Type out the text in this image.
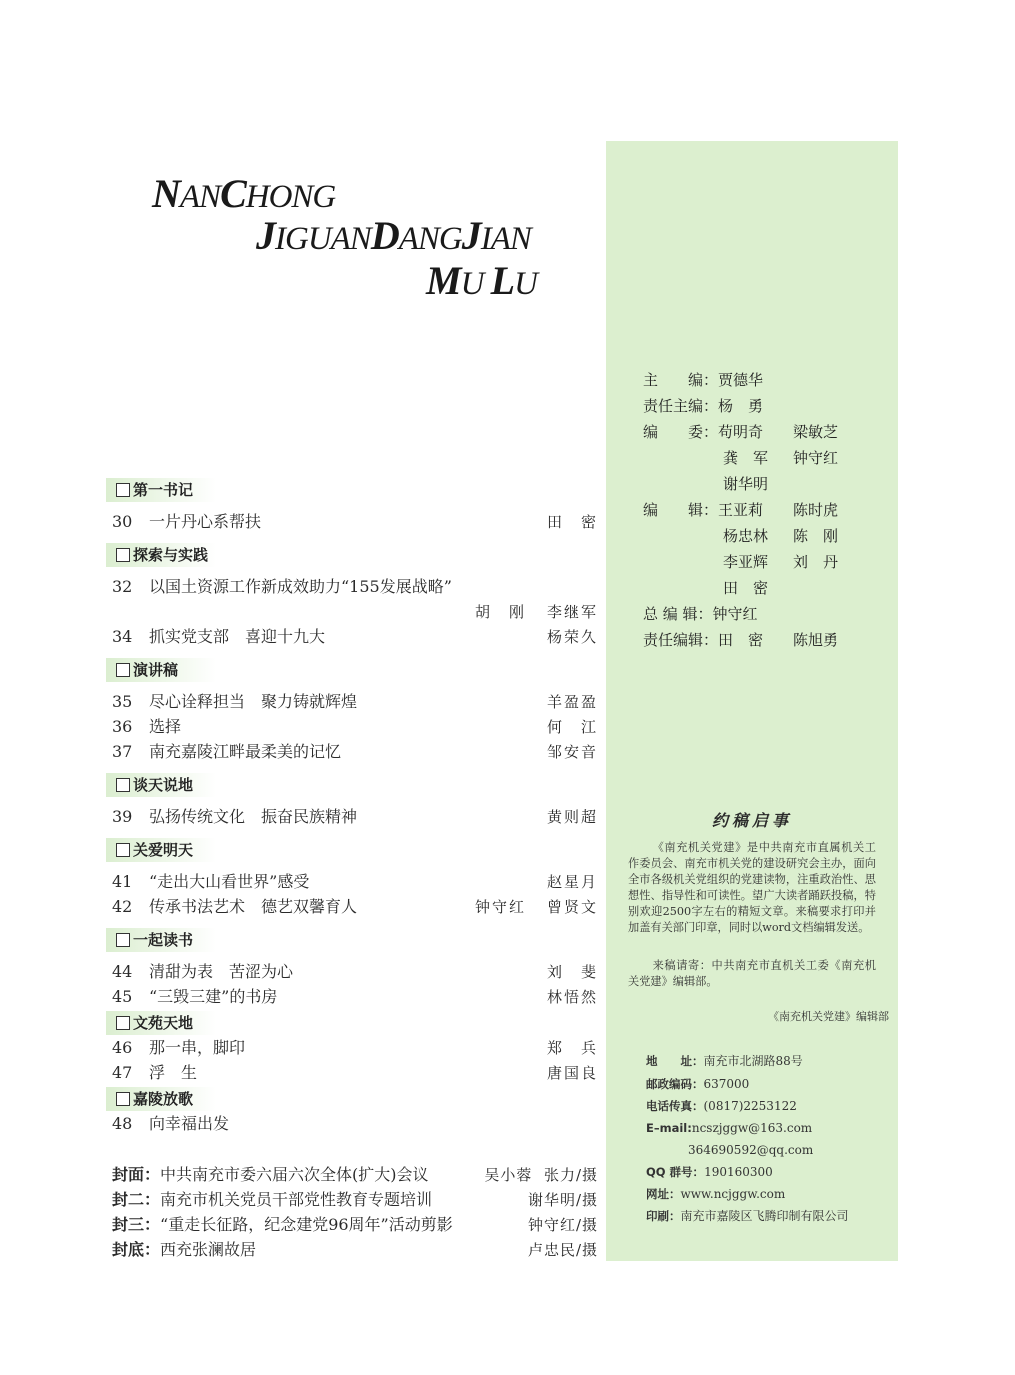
NANCHONG
JIGUANDANGJIAN
MU LU
第一书记
30	一片丹心系帮扶	田　密
探索与实践
32	以国土资源工作新成效助力“155发展战略”
胡　刚 李继军
34	抓实党支部　喜迎十九大	杨荣久
演讲稿
35	尽心诠释担当　聚力铸就辉煌	羊盈盈
36	选择	何　江
37	南充嘉陵江畔最柔美的记忆	邹安音
谈天说地
39	弘扬传统文化　振奋民族精神	黄则超
关爱明天
41	“走出大山看世界”感受	赵星月
42	传承书法艺术　德艺双馨育人	钟守红 曾贤文
一起读书
44	清甜为表　苦涩为心	刘　斐
45	“三毁三建”的书房	林悟然
文苑天地
46	那一串，脚印	郑　兵
47	浮　生	唐国良
嘉陵放歌
48	向幸福出发
封面：中共南充市委六届六次全体(扩大)会议	吴小蓉  张力/摄
封二：南充市机关党员干部党性教育专题培训	谢华明/摄
封三：“重走长征路，纪念建党96周年”活动剪影	钟守红/摄
封底：西充张澜故居	卢忠民/摄
主　　编：贾德华
责任主编：杨　勇
编　　委：苟明奇 梁敏芝
龚　军 钟守红
谢华明
编　　辑：王亚莉 陈时虎
杨忠林 陈　刚
李亚辉 刘　丹
田　密
总 编 辑：钟守红
责任编辑：田　密 陈旭勇
约稿启事
《南充机关党建》是中共南充市直属机关工作委员会、南充市机关党的建设研究会主办，面向全市各级机关党组织的党建读物，注重政治性、思想性、指导性和可读性。望广大读者踊跃投稿，特别欢迎2500字左右的精短文章。来稿要求打印并加盖有关部门印章，同时以word文档编辑发送。
来稿请寄：中共南充市直机关工委《南充机关党建》编辑部。
《南充机关党建》编辑部
地　　址：南充市北湖路88号
邮政编码：637000
电话传真：(0817)2253122
E–mail:ncszjggw@163.com
364690592@qq.com
QQ 群号：190160300
网址：www.ncjggw.com
印刷：南充市嘉陵区飞腾印制有限公司
